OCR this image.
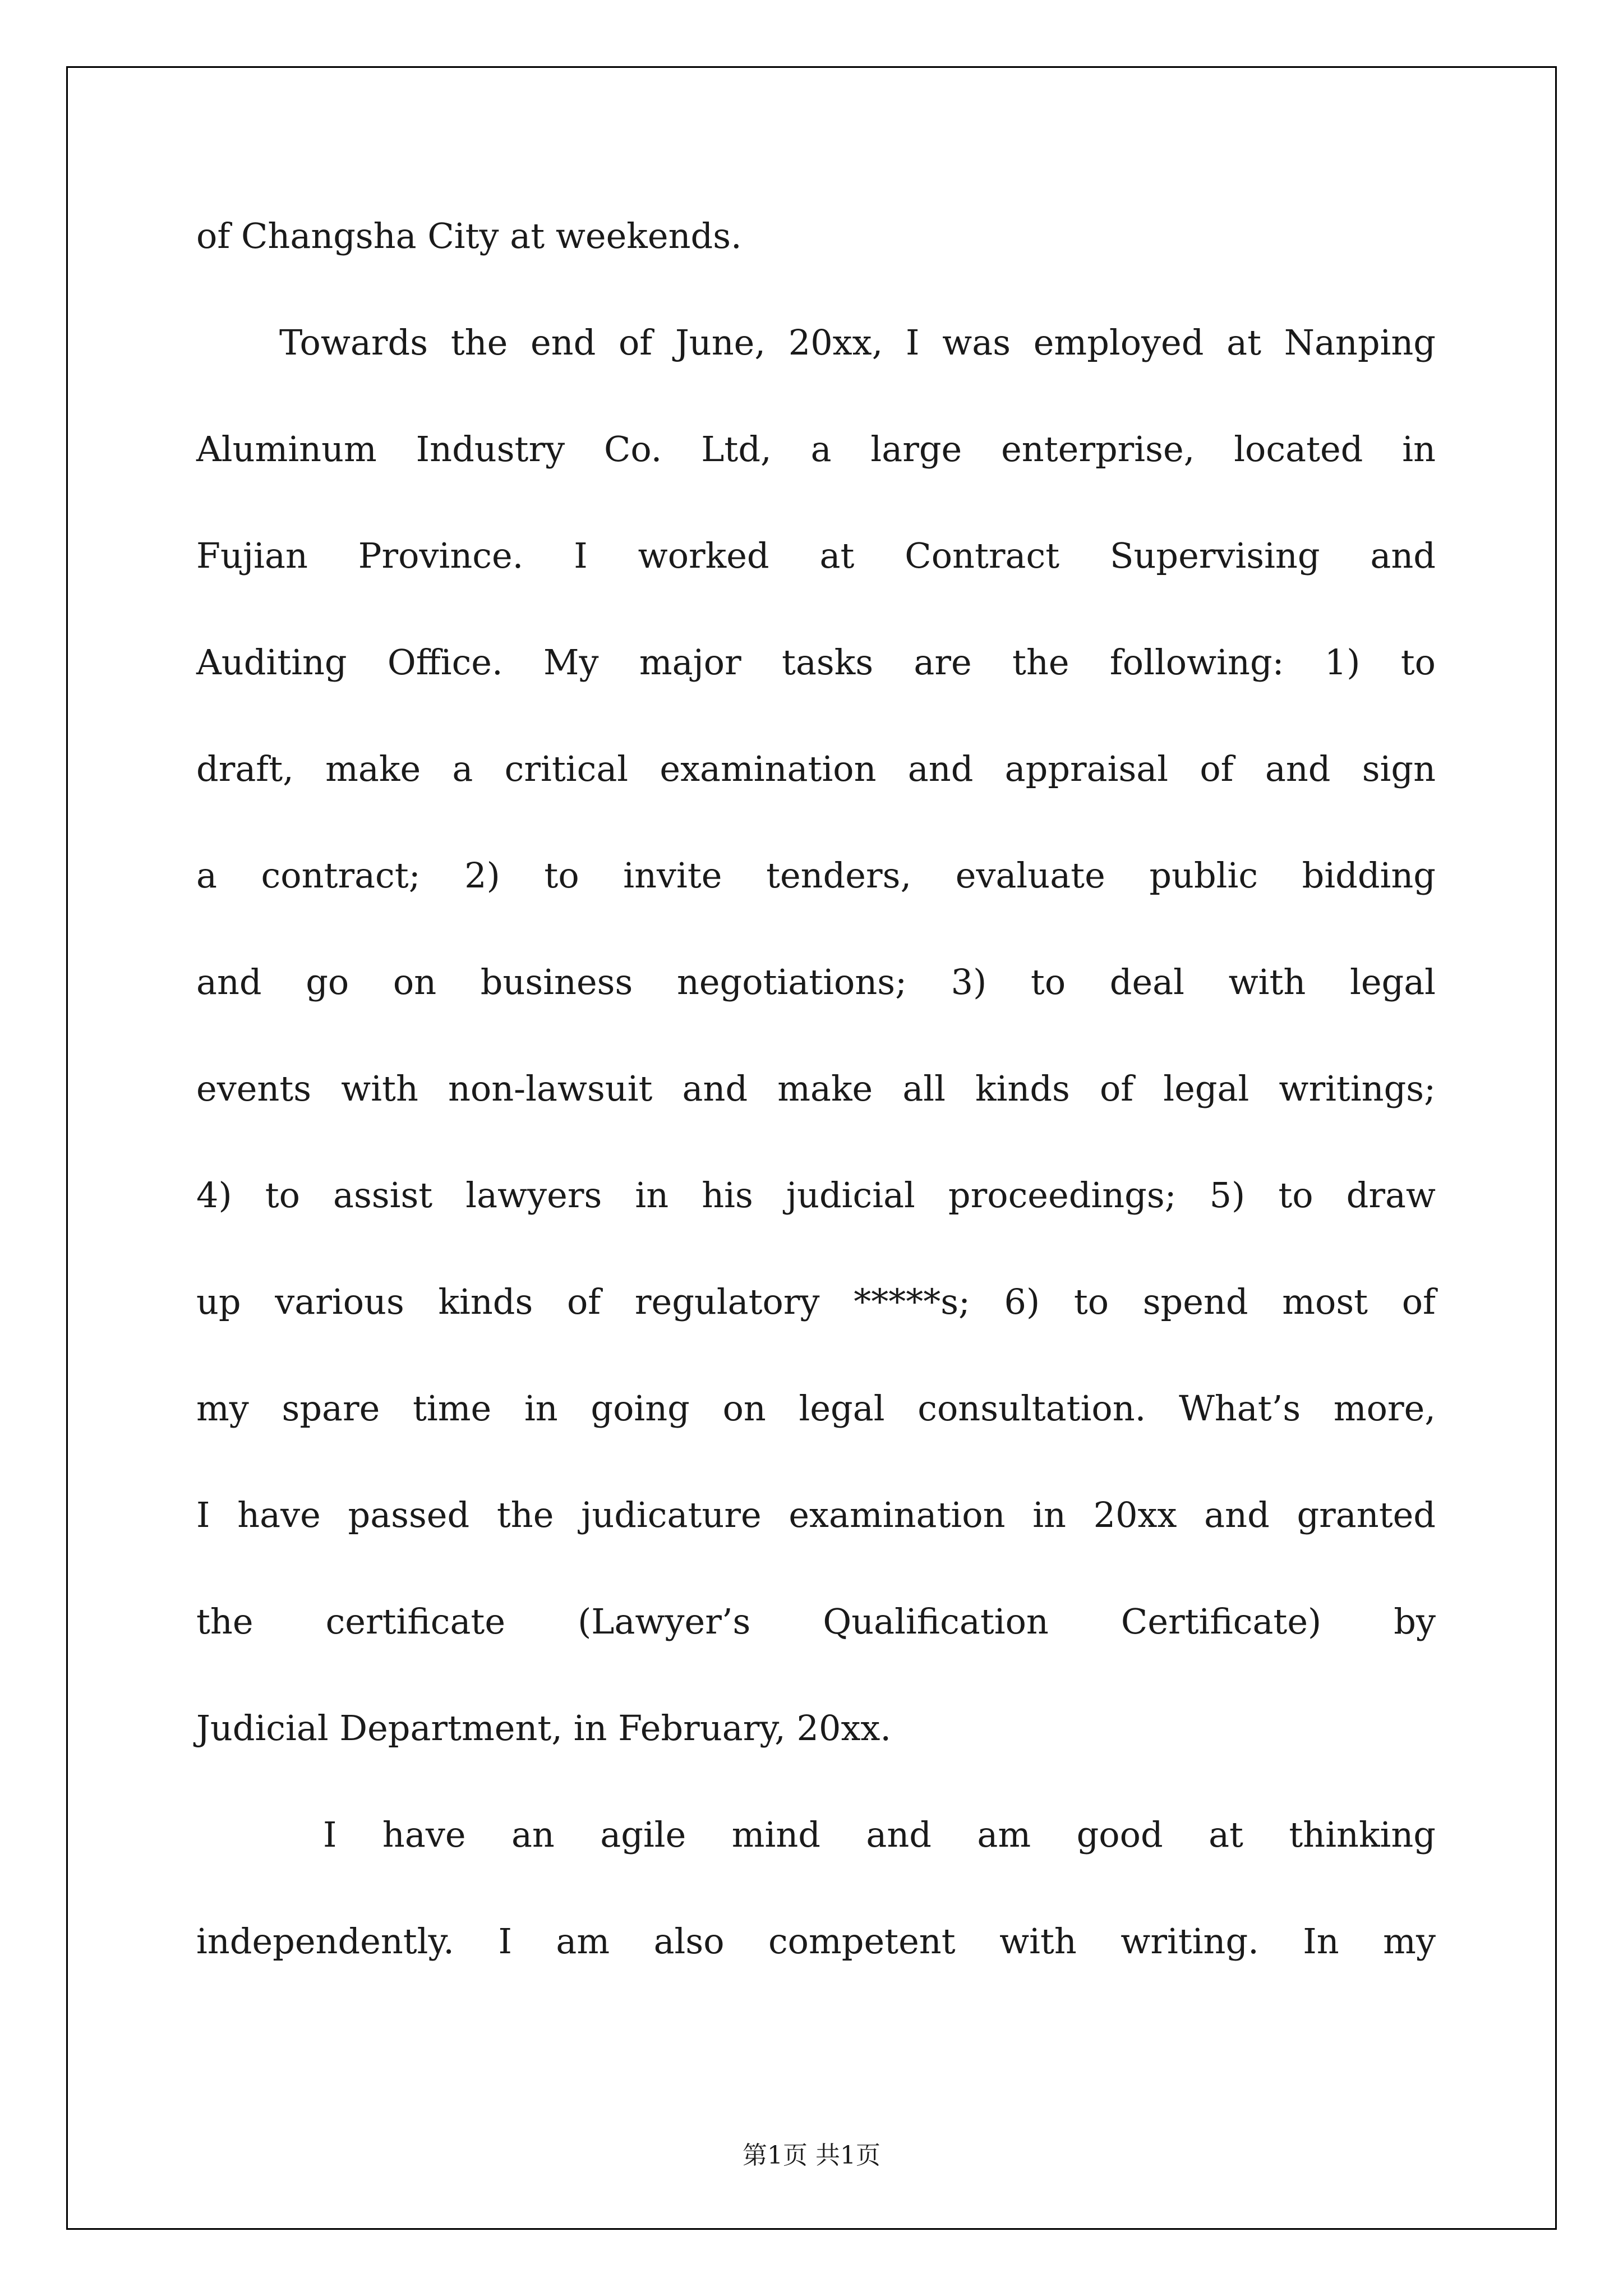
of Changsha City at weekends.
Towards the end of June, 20xx, I was employed at Nanping
Aluminum Industry Co. Ltd, a large enterprise, located in
Fujian Province. I worked at Contract Supervising and
Auditing Office. My major tasks are the following: 1) to
draft, make a critical examination and appraisal of and sign
a contract; 2) to invite tenders, evaluate public bidding
and go on business negotiations; 3) to deal with legal
events with non-lawsuit and make all kinds of legal writings;
4) to assist lawyers in his judicial proceedings; 5) to draw
up various kinds of regulatory *****s; 6) to spend most of
my spare time in going on legal consultation. What’s more,
I have passed the judicature examination in 20xx and granted
the certificate (Lawyer’s Qualification Certificate) by
Judicial Department, in February, 20xx.
I have an agile mind and am good at thinking
independently. I am also competent with writing. In my

第1页 共1页
